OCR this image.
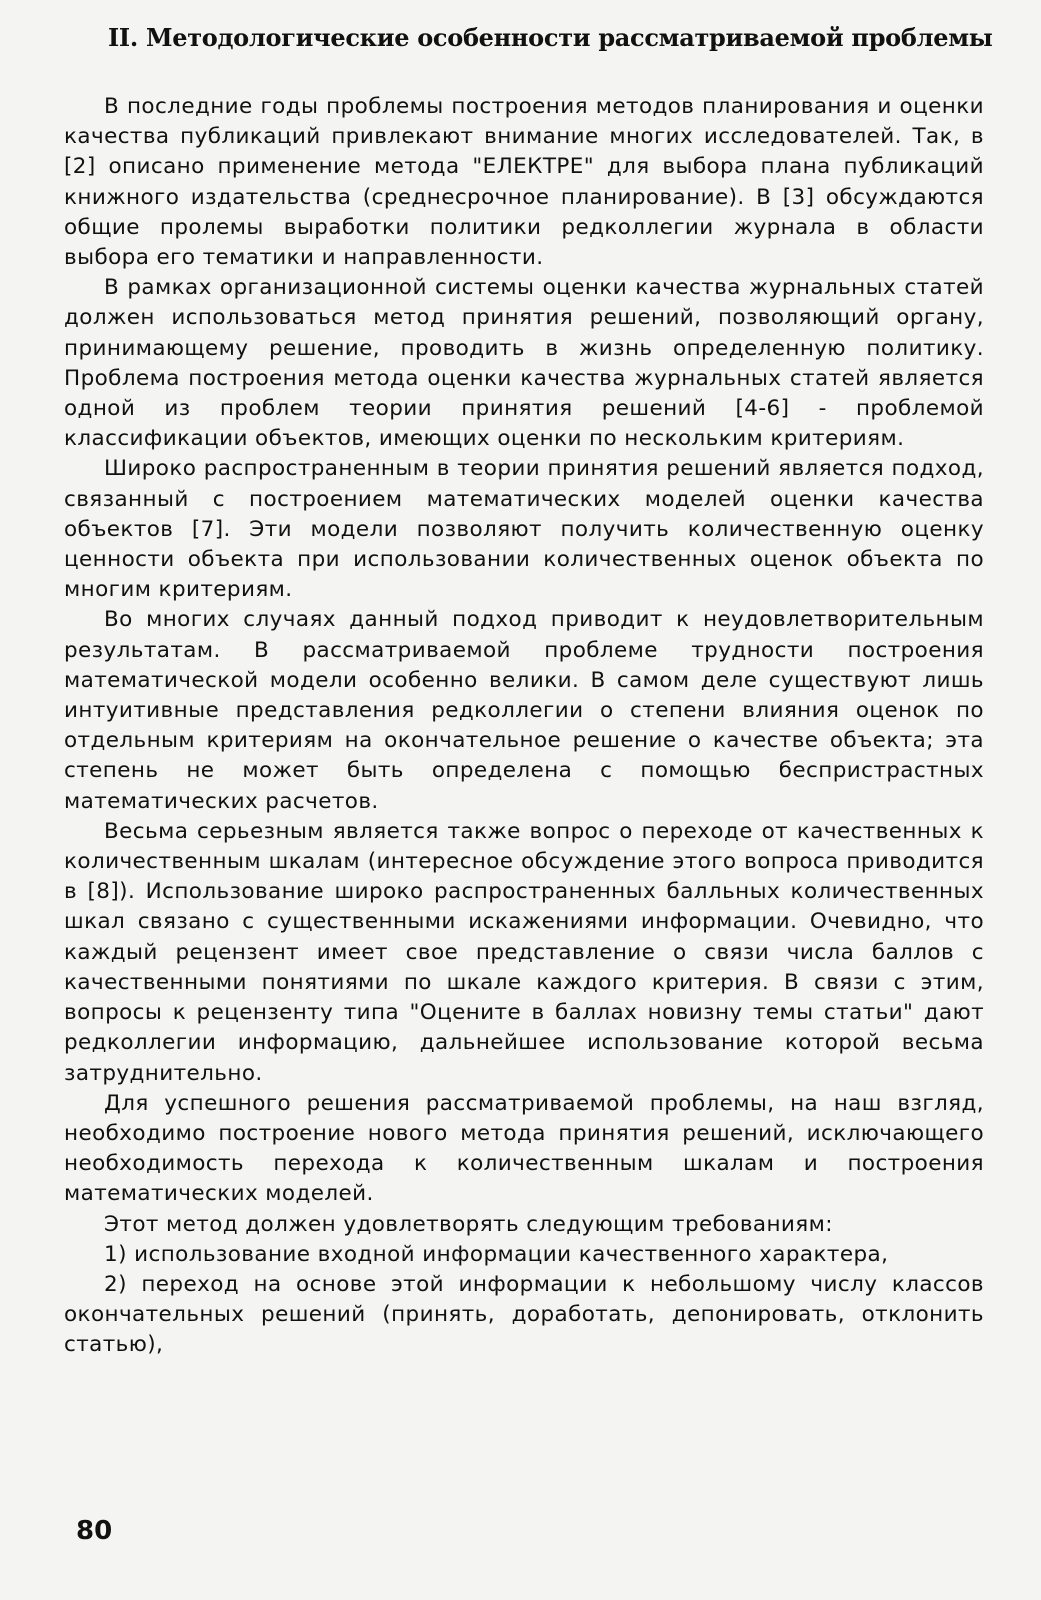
II. Методологические особенности рассматриваемой проблемы

В последние годы проблемы построения методов планирования и оценки качества публикаций привлекают внимание многих исследователей. Так, в [2] описано применение метода "ЕЛЕКТРЕ" для выбора плана публикаций книжного издательства (среднесрочное планирование). В [3] обсуждаются общие пролемы выработки политики редколлегии журнала в области выбора его тематики и направленности.

В рамках организационной системы оценки качества журнальных статей должен использоваться метод принятия решений, позволяющий органу, принимающему решение, проводить в жизнь определенную политику. Проблема построения метода оценки качества журнальных статей является одной из проблем теории принятия решений [4-6] - проблемой классификации объектов, имеющих оценки по нескольким критериям.

Широко распространенным в теории принятия решений является подход, связанный с построением математических моделей оценки качества объектов [7]. Эти модели позволяют получить количественную оценку ценности объекта при использовании количественных оценок объекта по многим критериям.

Во многих случаях данный подход приводит к неудовлетворительным результатам. В рассматриваемой проблеме трудности построения математической модели особенно велики. В самом деле существуют лишь интуитивные представления редколлегии о степени влияния оценок по отдельным критериям на окончательное решение о качестве объекта; эта степень не может быть определена с помощью беспристрастных математических расчетов.

Весьма серьезным является также вопрос о переходе от качественных к количественным шкалам (интересное обсуждение этого вопроса приводится в [8]). Использование широко распространенных балльных количественных шкал связано с существенными искажениями информации. Очевидно, что каждый рецензент имеет свое представление о связи числа баллов с качественными понятиями по шкале каждого критерия. В связи с этим, вопросы к рецензенту типа "Оцените в баллах новизну темы статьи" дают редколлегии информацию, дальнейшее использование которой весьма затруднительно.

Для успешного решения рассматриваемой проблемы, на наш взгляд, необходимо построение нового метода принятия решений, исключающего необходимость перехода к количественным шкалам и построения математических моделей.

Этот метод должен удовлетворять следующим требованиям:

1) использование входной информации качественного характера,

2) переход на основе этой информации к небольшому числу классов окончательных решений (принять, доработать, депонировать, отклонить статью),

80
